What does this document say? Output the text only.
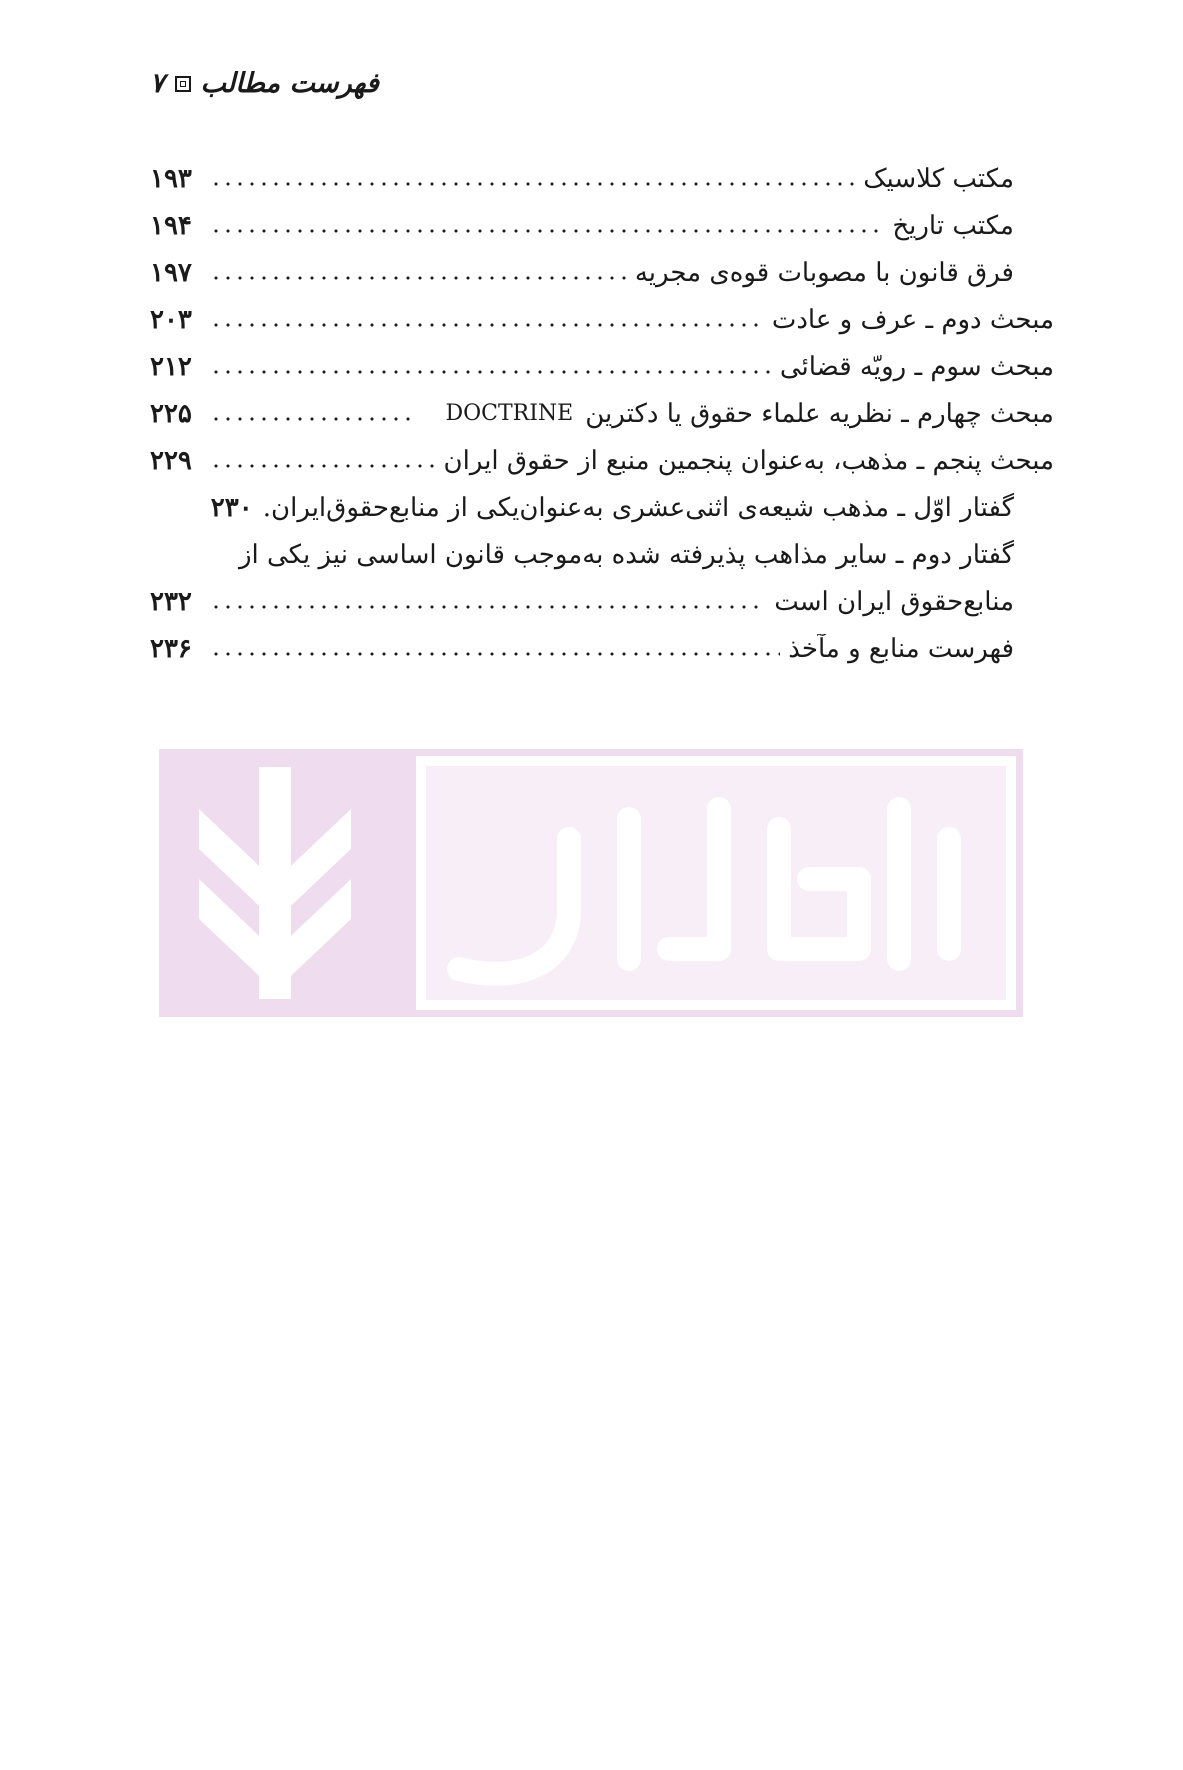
فهرست مطالب
۷
مکتب کلاسیک
۱۹۳
مکتب تاریخ
۱۹۴
فرق قانون با مصوبات قوه‌ی مجریه
۱۹۷
مبحث دوم ـ عرف و عادت
۲۰۳
مبحث سوم ـ رویّه قضائی
۲۱۲
مبحث چهارم ـ نظریه علماء حقوق یا دکترین
DOCTRINE
۲۲۵
مبحث پنجم ـ مذهب، به‌عنوان پنجمین منبع از حقوق ایران
۲۲۹
گفتار اوّل ـ مذهب شیعه‌ی اثنی‌عشری به‌عنوان‌یکی از منابع‌حقوق‌ایران.
۲۳۰
گفتار دوم ـ سایر مذاهب پذیرفته شده به‌موجب قانون اساسی نیز یکی از
منابع‌حقوق ایران است
۲۳۲
فهرست منابع و مآخذ
۲۳۶
